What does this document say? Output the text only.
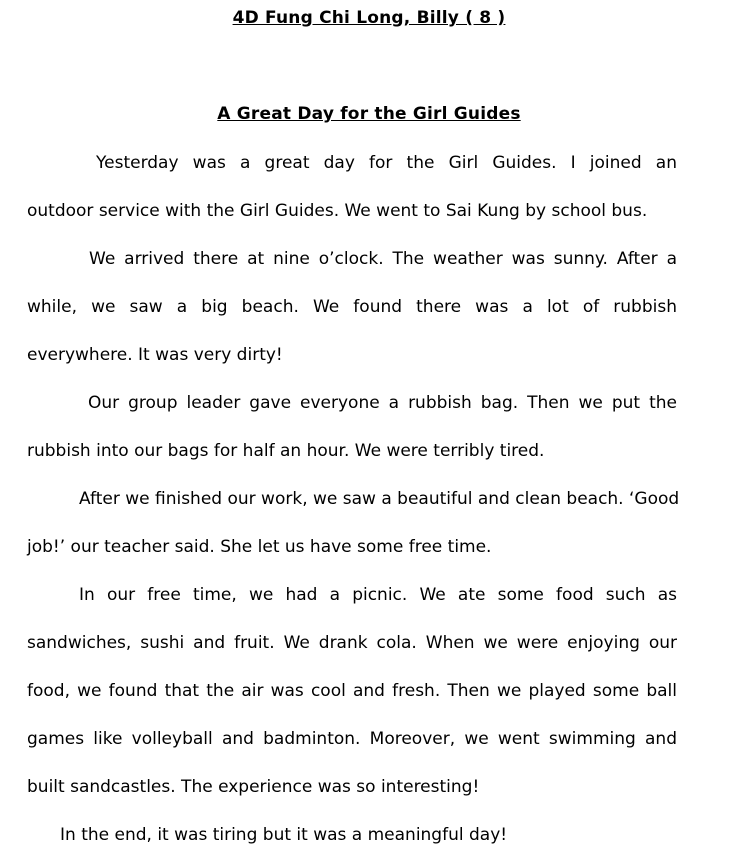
4D Fung Chi Long, Billy ( 8 )
A Great Day for the Girl Guides
Yesterday was a great day for the Girl Guides. I joined an
outdoor service with the Girl Guides. We went to Sai Kung by school bus.
We arrived there at nine o’clock. The weather was sunny. After a
while, we saw a big beach. We found there was a lot of rubbish
everywhere. It was very dirty!
Our group leader gave everyone a rubbish bag. Then we put the
rubbish into our bags for half an hour. We were terribly tired.
After we finished our work, we saw a beautiful and clean beach. ‘Good
job!’ our teacher said. She let us have some free time.
In our free time, we had a picnic. We ate some food such as
sandwiches, sushi and fruit. We drank cola. When we were enjoying our
food, we found that the air was cool and fresh. Then we played some ball
games like volleyball and badminton. Moreover, we went swimming and
built sandcastles. The experience was so interesting!
In the end, it was tiring but it was a meaningful day!
